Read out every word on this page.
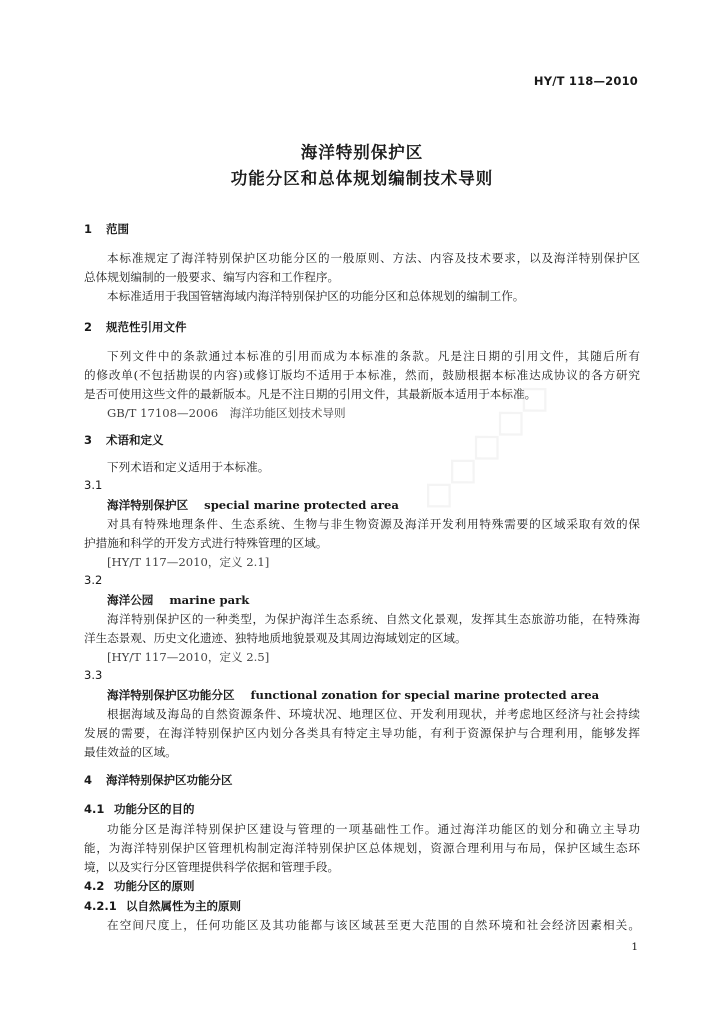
HY/T 118—2010
海洋特别保护区
功能分区和总体规划编制技术导则
1 范围
本标准规定了海洋特别保护区功能分区的一般原则、方法、内容及技术要求，以及海洋特别保护区
总体规划编制的一般要求、编写内容和工作程序。
本标准适用于我国管辖海域内海洋特别保护区的功能分区和总体规划的编制工作。
2 规范性引用文件
下列文件中的条款通过本标准的引用而成为本标准的条款。凡是注日期的引用文件，其随后所有
的修改单(不包括勘误的内容)或修订版均不适用于本标准，然而，鼓励根据本标准达成协议的各方研究
是否可使用这些文件的最新版本。凡是不注日期的引用文件，其最新版本适用于本标准。
GB/T 17108—2006　海洋功能区划技术导则
3 术语和定义
下列术语和定义适用于本标准。
3.1
海洋特别保护区 special marine protected area
对具有特殊地理条件、生态系统、生物与非生物资源及海洋开发利用特殊需要的区域采取有效的保
护措施和科学的开发方式进行特殊管理的区域。
[HY/T 117—2010，定义 2.1]
3.2
海洋公园 marine park
海洋特别保护区的一种类型，为保护海洋生态系统、自然文化景观，发挥其生态旅游功能，在特殊海
洋生态景观、历史文化遗迹、独特地质地貌景观及其周边海域划定的区域。
[HY/T 117—2010，定义 2.5]
3.3
海洋特别保护区功能分区 functional zonation for special marine protected area
根据海域及海岛的自然资源条件、环境状况、地理区位、开发利用现状，并考虑地区经济与社会持续
发展的需要，在海洋特别保护区内划分各类具有特定主导功能，有利于资源保护与合理利用，能够发挥
最佳效益的区域。
4 海洋特别保护区功能分区
4.1 功能分区的目的
功能分区是海洋特别保护区建设与管理的一项基础性工作。通过海洋功能区的划分和确立主导功
能，为海洋特别保护区管理机构制定海洋特别保护区总体规划，资源合理利用与布局，保护区域生态环
境，以及实行分区管理提供科学依据和管理手段。
4.2 功能分区的原则
4.2.1 以自然属性为主的原则
在空间尺度上，任何功能区及其功能都与该区域甚至更大范围的自然环境和社会经济因素相关。
1
